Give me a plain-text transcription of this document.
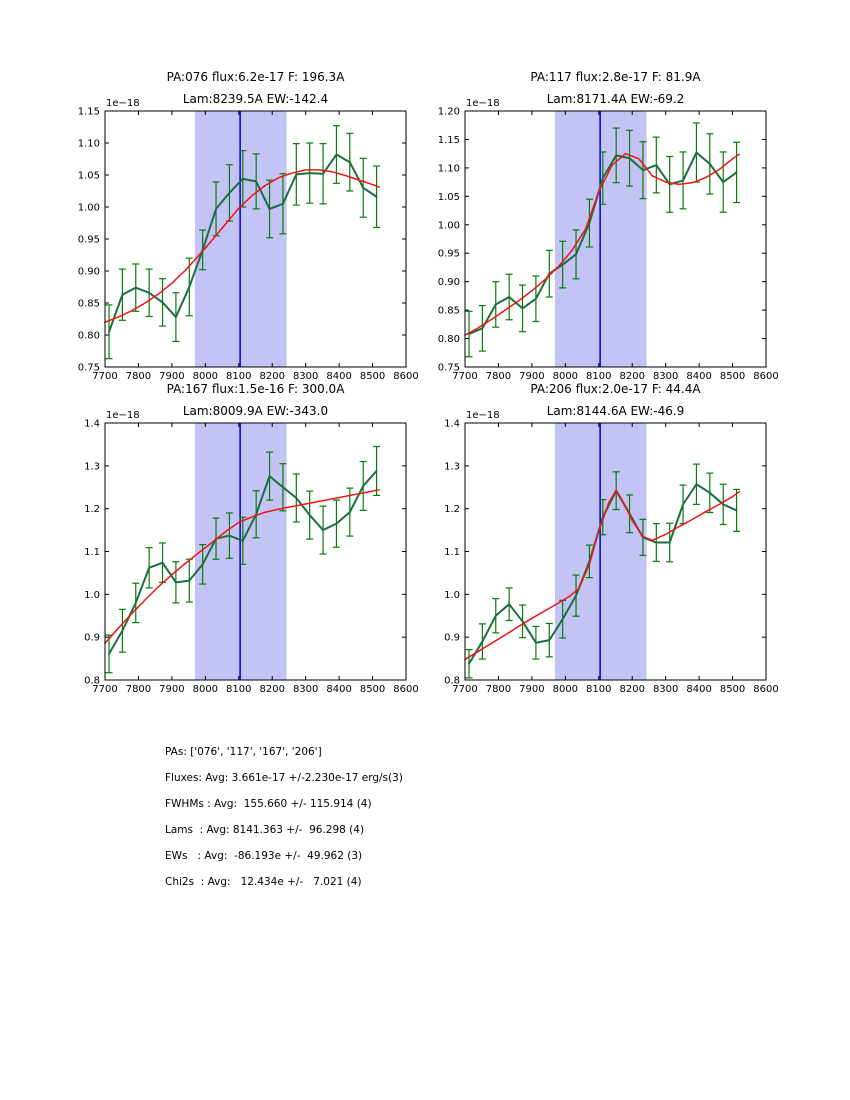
7700 7800 7900 8000 8100 8200 8300 8400 8500 8600
0.75
0.80
0.85
0.90
0.95
1.00
1.05
1.10
1.15
1e−18
7700 7800 7900 8000 8100 8200 8300 8400 8500 8600
0.75
0.80
0.85
0.90
0.95
1.00
1.05
1.10
1.15
1.20
1e−18
7700 7800 7900 8000 8100 8200 8300 8400 8500 8600
0.8
0.9
1.0
1.1
1.2
1.3
1.4
1e−18
7700 7800 7900 8000 8100 8200 8300 8400 8500 8600
0.8
0.9
1.0
1.1
1.2
1.3
1.4
1e−18
PA:076 flux:6.2e-17 F: 196.3A
Lam:8239.5A EW:-142.4
PA:117 flux:2.8e-17 F: 81.9A
Lam:8171.4A EW:-69.2
PA:167 flux:1.5e-16 F: 300.0A
Lam:8009.9A EW:-343.0
PA:206 flux:2.0e-17 F: 44.4A
Lam:8144.6A EW:-46.9
PAs: ['076', '117', '167', '206']
Fluxes: Avg: 3.661e-17 +/-2.230e-17 erg/s(3)
FWHMs : Avg:  155.660 +/- 115.914 (4)
Lams  : Avg: 8141.363 +/-  96.298 (4)
EWs   : Avg:  -86.193e +/-  49.962 (3)
Chi2s  : Avg:   12.434e +/-   7.021 (4)
